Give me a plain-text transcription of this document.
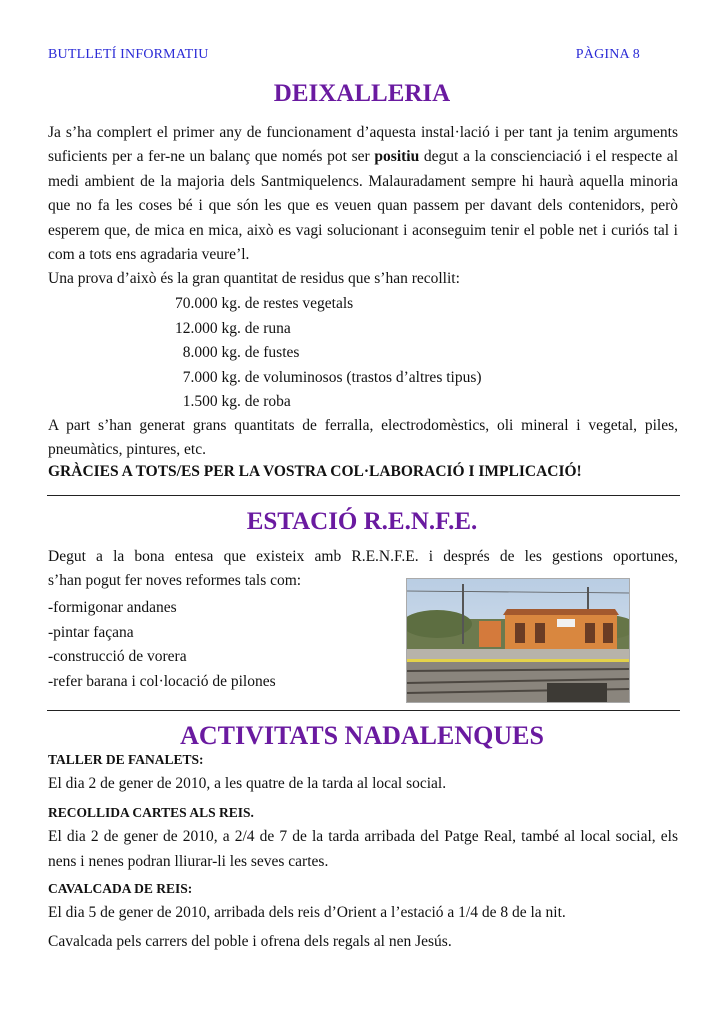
BUTLLETÍ INFORMATIU	PÀGINA 8
DEIXALLERIA
Ja s’ha complert el primer any de funcionament d’aquesta instal·lació i per tant ja tenim arguments suficients per a fer-ne un balanç que només pot ser positiu degut a la conscienciació i el respecte al medi ambient de la majoria dels Santmiquelencs. Malauradament sempre hi haurà aquella minoria que no fa les coses bé i que són les que es veuen quan passem per davant dels contenidors, però esperem que, de mica en mica, això es vagi solucionant i aconseguim tenir el poble net i curiós tal i com a tots ens agradaria veure’l.
Una prova d’això és la gran quantitat de residus que s’han recollit:
70.000 kg. de restes vegetals
12.000 kg. de runa
8.000 kg. de fustes
7.000 kg. de voluminosos (trastos d’altres tipus)
1.500 kg. de roba
A part s’han generat grans quantitats de ferralla, electrodomèstics, oli mineral i vegetal, piles, pneumàtics, pintures, etc.
GRÀCIES A TOTS/ES PER LA VOSTRA COL·LABORACIÓ I IMPLICACIÓ!
ESTACIÓ R.E.N.F.E.
Degut a la bona entesa que existeix amb R.E.N.F.E. i després de les gestions oportunes,
s’han pogut fer noves reformes tals com:
-formigonar andanes
-pintar façana
-construcció de vorera
-refer barana i col·locació de pilones
ACTIVITATS NADALENQUES
TALLER DE FANALETS:
El dia 2 de gener de 2010, a les quatre de la tarda al local social.
RECOLLIDA CARTES ALS REIS.
El dia 2 de gener de 2010, a 2/4 de 7 de la tarda arribada del Patge Real, també al local social, els nens i nenes podran lliurar-li les seves cartes.
CAVALCADA DE REIS:
El dia 5 de gener de 2010, arribada dels reis d’Orient a l’estació a 1/4 de 8 de la nit.
Cavalcada pels carrers del poble i ofrena dels regals al nen Jesús.
